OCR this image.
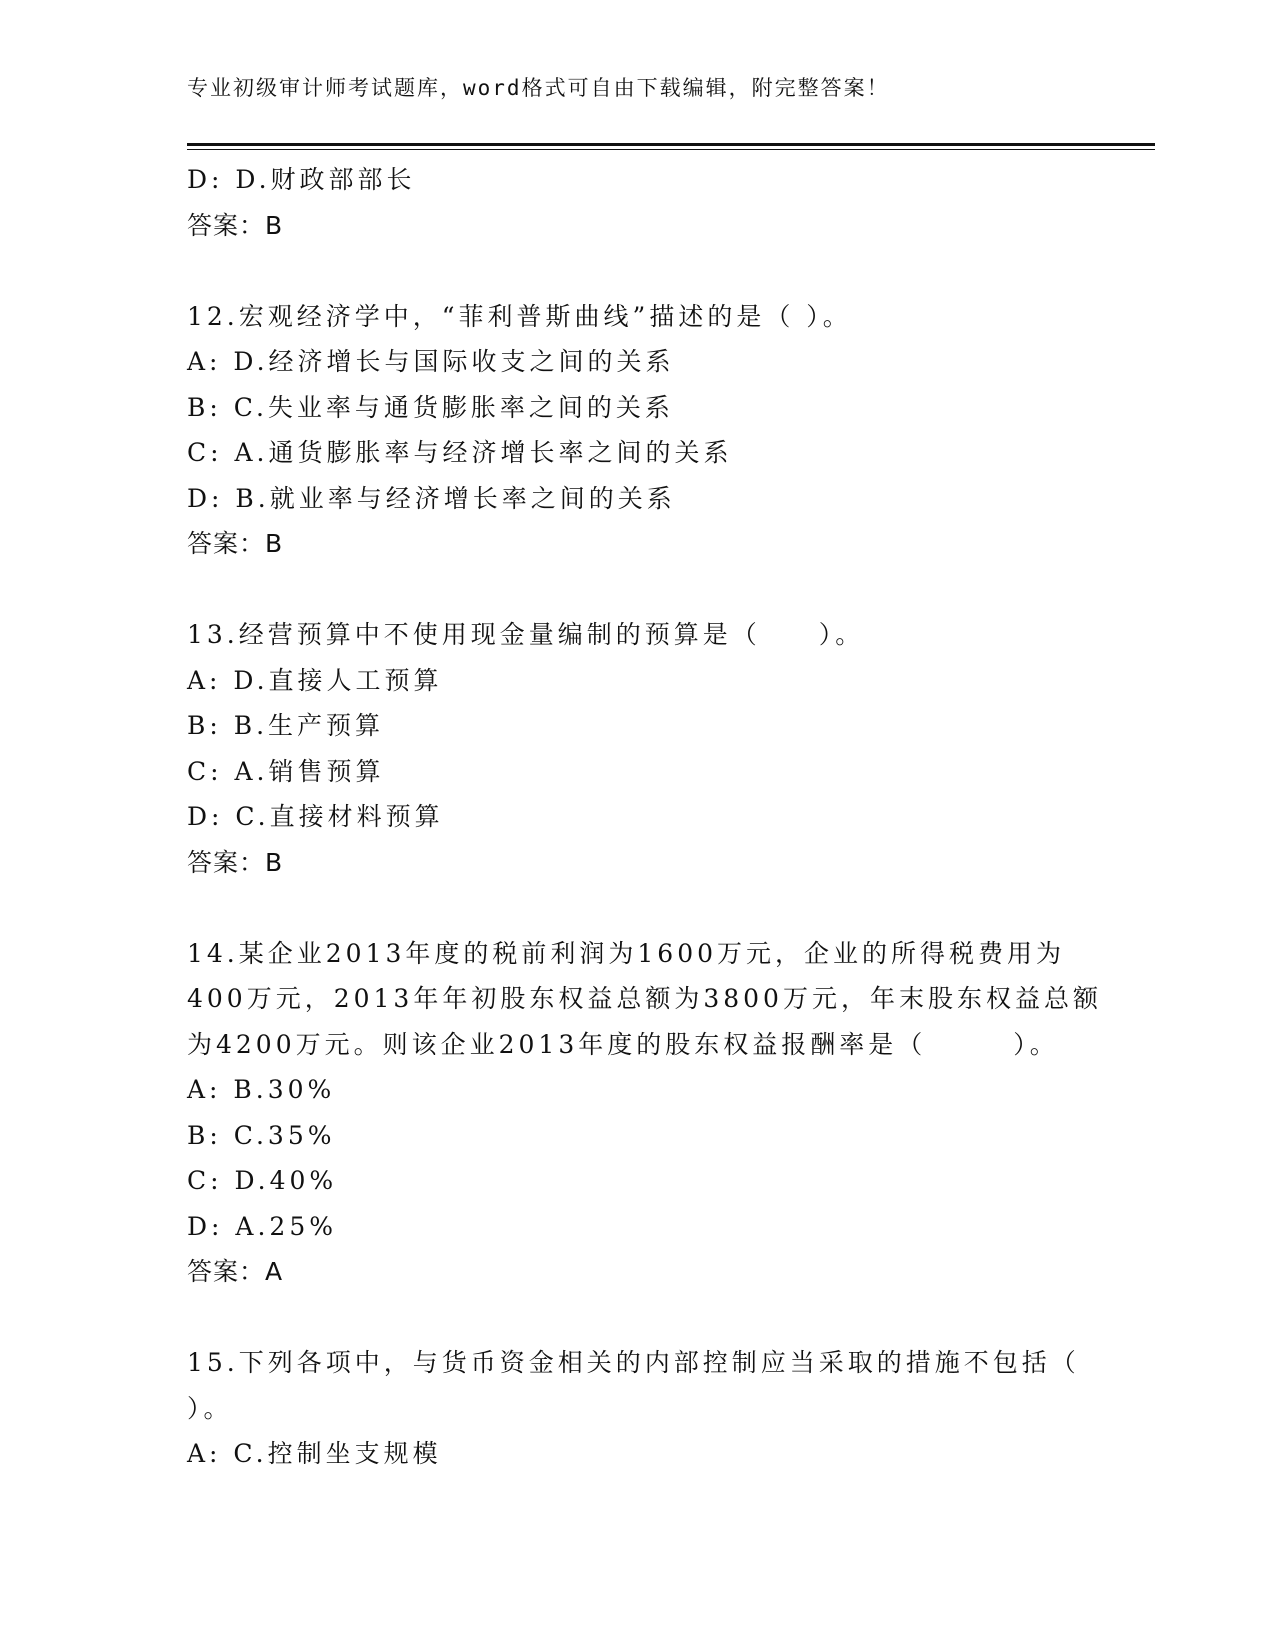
专业初级审计师考试题库，word格式可自由下载编辑，附完整答案！
D: D.财政部部长
答案：B
12.宏观经济学中，“菲利普斯曲线”描述的是（ ）。
A: D.经济增长与国际收支之间的关系
B: C.失业率与通货膨胀率之间的关系
C: A.通货膨胀率与经济增长率之间的关系
D: B.就业率与经济增长率之间的关系
答案：B
13.经营预算中不使用现金量编制的预算是（　　）。
A: D.直接人工预算
B: B.生产预算
C: A.销售预算
D: C.直接材料预算
答案：B
14.某企业2013年度的税前利润为1600万元，企业的所得税费用为
400万元，2013年年初股东权益总额为3800万元，年末股东权益总额
为4200万元。则该企业2013年度的股东权益报酬率是（　　　）。
A: B.30%
B: C.35%
C: D.40%
D: A.25%
答案：A
15.下列各项中，与货币资金相关的内部控制应当采取的措施不包括（
）。
A: C.控制坐支规模
